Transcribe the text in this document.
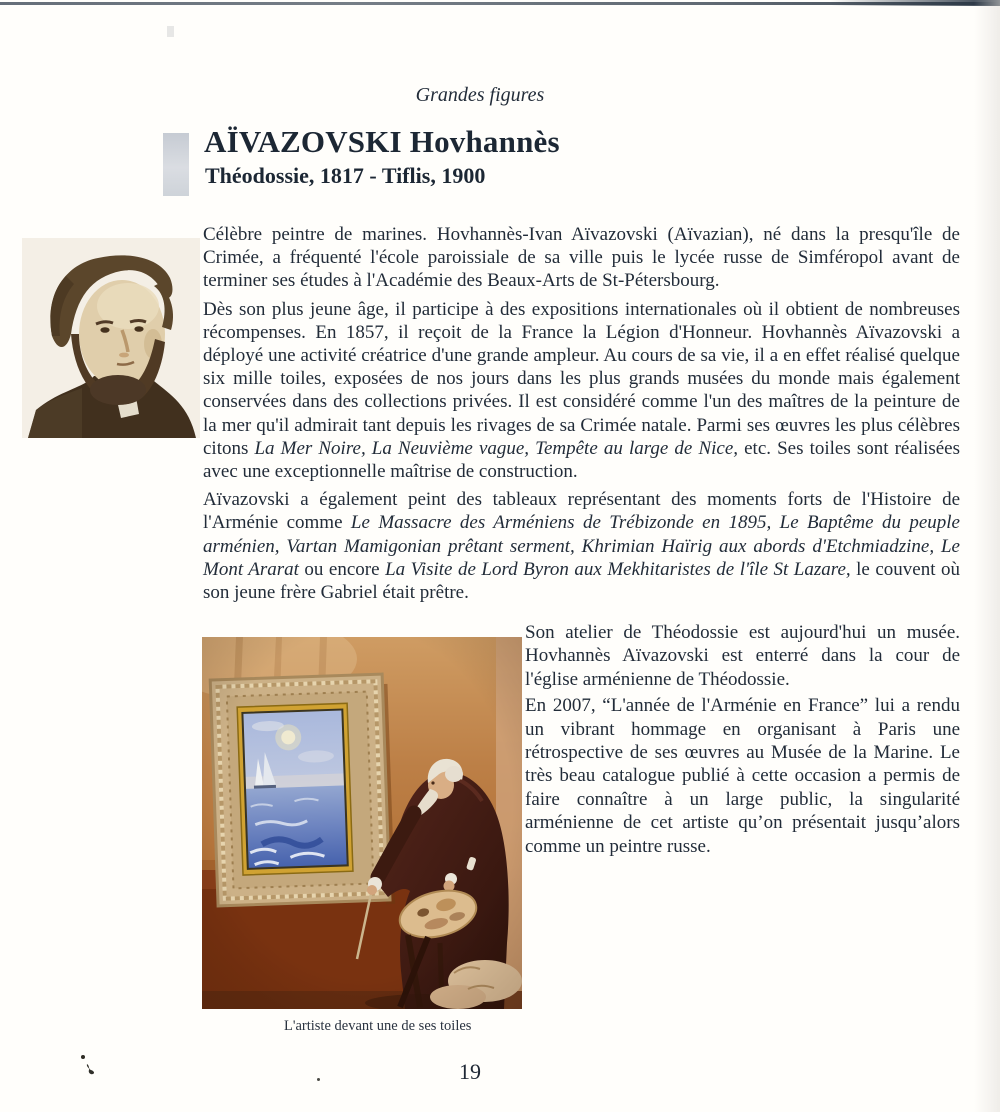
Grandes figures
AÏVAZOVSKI Hovhannès
Théodossie, 1817 - Tiflis, 1900

Célèbre peintre de marines. Hovhannès-Ivan Aïvazovski (Aïvazian), né dans la presqu'île de Crimée, a fréquenté l'école paroissiale de sa ville puis le lycée russe de Simféropol avant de terminer ses études à l'Académie des Beaux-Arts de St-Pétersbourg.

Dès son plus jeune âge, il participe à des expositions internationales où il obtient de nombreuses récompenses. En 1857, il reçoit de la France la Légion d'Honneur. Hovhannès Aïvazovski a déployé une activité créatrice d'une grande ampleur. Au cours de sa vie, il a en effet réalisé quelque six mille toiles, exposées de nos jours dans les plus grands musées du monde mais également conservées dans des collections privées. Il est considéré comme l'un des maîtres de la peinture de la mer qu'il admirait tant depuis les rivages de sa Crimée natale. Parmi ses œuvres les plus célèbres citons La Mer Noire, La Neuvième vague, Tempête au large de Nice, etc. Ses toiles sont réalisées avec une exceptionnelle maîtrise de construction.

Aïvazovski a également peint des tableaux représentant des moments forts de l'Histoire de l'Arménie comme Le Massacre des Arméniens de Trébizonde en 1895, Le Baptême du peuple arménien, Vartan Mamigonian prêtant serment, Khrimian Haïrig aux abords d'Etchmiadzine, Le Mont Ararat ou encore La Visite de Lord Byron aux Mekhitaristes de l'île St Lazare, le couvent où son jeune frère Gabriel était prêtre.

Son atelier de Théodossie est aujourd'hui un musée. Hovhannès Aïvazovski est enterré dans la cour de l'église arménienne de Théodossie.

En 2007, “L'année de l'Arménie en France” lui a rendu un vibrant hommage en organisant à Paris une rétrospective de ses œuvres au Musée de la Marine. Le très beau catalogue publié à cette occasion a permis de faire connaître à un large public, la singularité arménienne de cet artiste qu’on présentait jusqu’alors comme un peintre russe.

L'artiste devant une de ses toiles
19
